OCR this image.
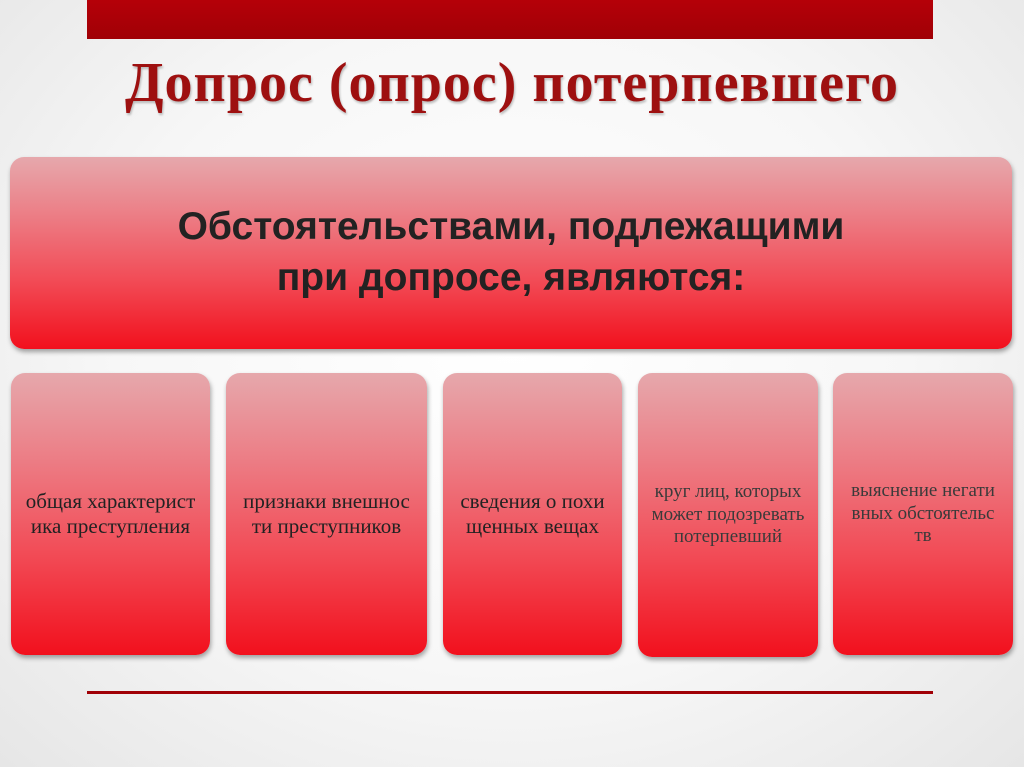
Допрос (опрос) потерпевшего
Обстоятельствами, подлежащими при допросе, являются:
общая характеристика преступления
признаки внешности преступников
сведения о похищенных вещах
круг лиц, которых может подозревать потерпевший
выяснение негативных обстоятельств
